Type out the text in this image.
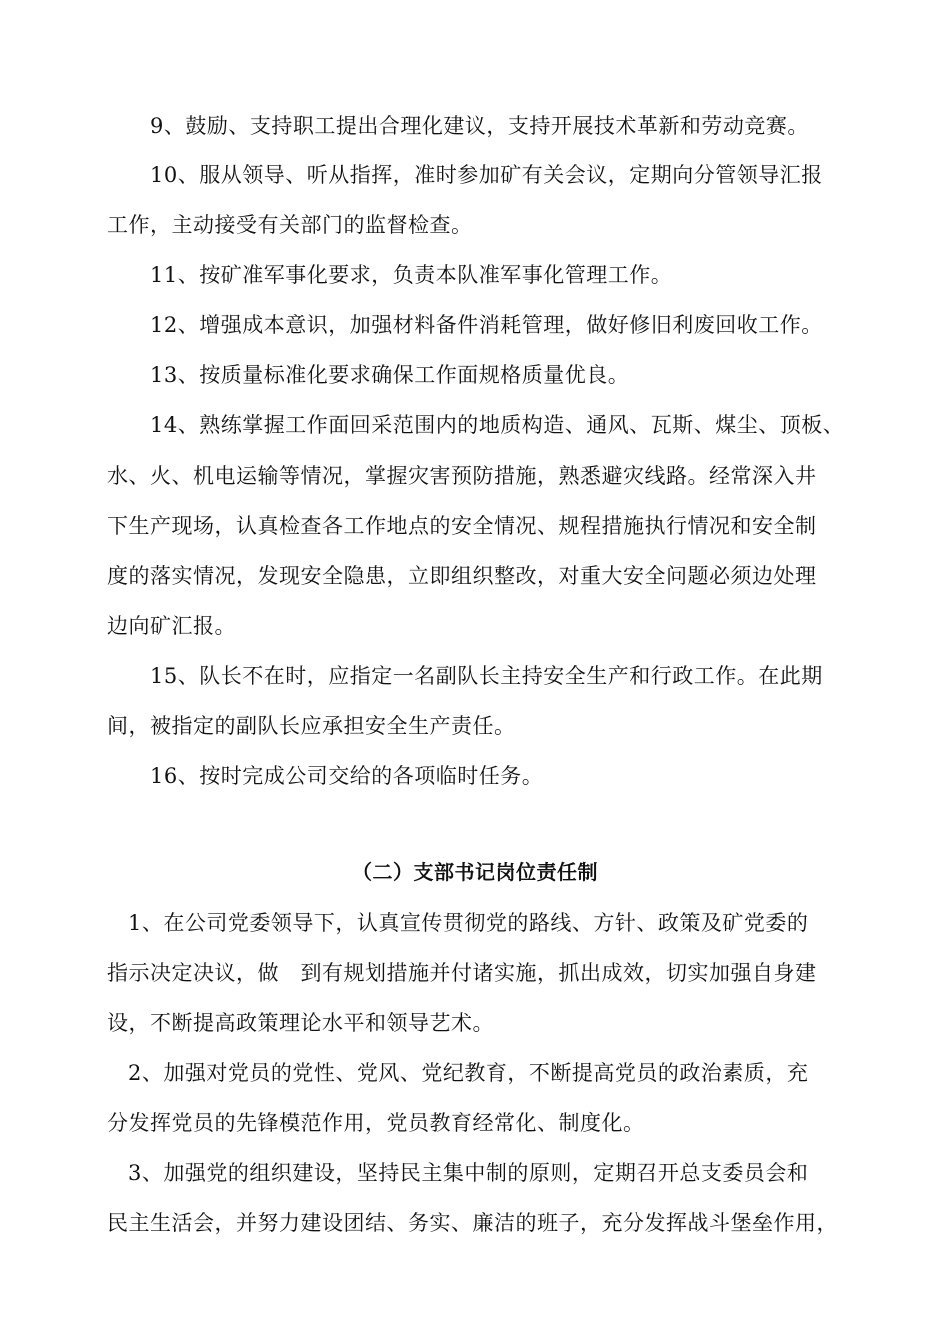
9、鼓励、支持职工提出合理化建议，支持开展技术革新和劳动竞赛。
10、服从领导、听从指挥，准时参加矿有关会议，定期向分管领导汇报
工作，主动接受有关部门的监督检查。
11、按矿准军事化要求，负责本队准军事化管理工作。
12、增强成本意识，加强材料备件消耗管理，做好修旧利废回收工作。
13、按质量标准化要求确保工作面规格质量优良。
14、熟练掌握工作面回采范围内的地质构造、通风、瓦斯、煤尘、顶板、
水、火、机电运输等情况，掌握灾害预防措施，熟悉避灾线路。经常深入井
下生产现场，认真检查各工作地点的安全情况、规程措施执行情况和安全制
度的落实情况，发现安全隐患，立即组织整改，对重大安全问题必须边处理
边向矿汇报。
15、队长不在时，应指定一名副队长主持安全生产和行政工作。在此期
间，被指定的副队长应承担安全生产责任。
16、按时完成公司交给的各项临时任务。
（二）支部书记岗位责任制
1、在公司党委领导下，认真宣传贯彻党的路线、方针、政策及矿党委的
指示决定决议，做　到有规划措施并付诸实施，抓出成效，切实加强自身建
设，不断提高政策理论水平和领导艺术。
2、加强对党员的党性、党风、党纪教育，不断提高党员的政治素质，充
分发挥党员的先锋模范作用，党员教育经常化、制度化。
3、加强党的组织建设，坚持民主集中制的原则，定期召开总支委员会和
民主生活会，并努力建设团结、务实、廉洁的班子，充分发挥战斗堡垒作用，
